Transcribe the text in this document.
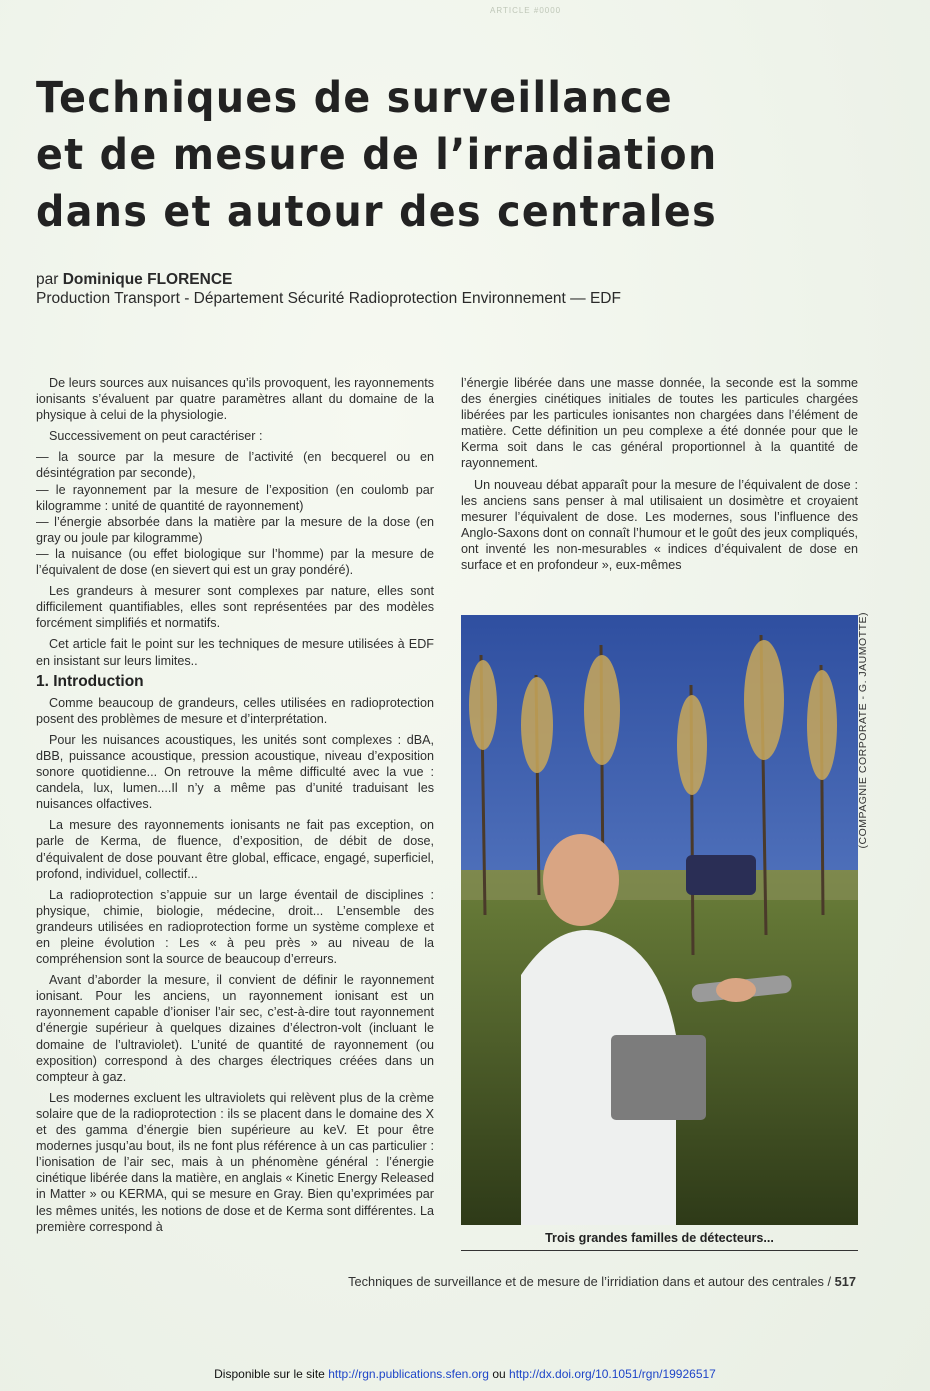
ARTICLE #0000
Techniques de surveillance
et de mesure de l’irradiation
dans et autour des centrales
par Dominique FLORENCE
Production Transport - Département Sécurité Radioprotection Environnement — EDF

De leurs sources aux nuisances qu’ils provoquent, les rayonnements ionisants s’évaluent par quatre paramètres allant du domaine de la physique à celui de la physiologie.

Successivement on peut caractériser :

— la source par la mesure de l’activité (en becquerel ou en désintégration par seconde),

— le rayonnement par la mesure de l’exposition (en coulomb par kilogramme : unité de quantité de rayonnement)

— l’énergie absorbée dans la matière par la mesure de la dose (en gray ou joule par kilogramme)

— la nuisance (ou effet biologique sur l’homme) par la mesure de l’équivalent de dose (en sievert qui est un gray pondéré).

Les grandeurs à mesurer sont complexes par nature, elles sont difficilement quantifiables, elles sont représentées par des modèles forcément simplifiés et normatifs.

Cet article fait le point sur les techniques de mesure utilisées à EDF en insistant sur leurs limites..

1. Introduction

Comme beaucoup de grandeurs, celles utilisées en radioprotection posent des problèmes de mesure et d’interprétation.

Pour les nuisances acoustiques, les unités sont complexes : dBA, dBB, puissance acoustique, pression acoustique, niveau d’exposition sonore quotidienne... On retrouve la même difficulté avec la vue : candela, lux, lumen....Il n’y a même pas d’unité traduisant les nuisances olfactives.

La mesure des rayonnements ionisants ne fait pas exception, on parle de Kerma, de fluence, d’exposition, de débit de dose, d’équivalent de dose pouvant être global, efficace, engagé, superficiel, profond, individuel, collectif...

La radioprotection s’appuie sur un large éventail de disciplines : physique, chimie, biologie, médecine, droit... L’ensemble des grandeurs utilisées en radioprotection forme un système complexe et en pleine évolution : Les « à peu près » au niveau de la compréhension sont la source de beaucoup d’erreurs.

Avant d’aborder la mesure, il convient de définir le rayonnement ionisant. Pour les anciens, un rayonnement ionisant est un rayonnement capable d’ioniser l’air sec, c’est-à-dire tout rayonnement d’énergie supérieur à quelques dizaines d’électron-volt (incluant le domaine de l’ultraviolet). L’unité de quantité de rayonnement (ou exposition) correspond à des charges électriques créées dans un compteur à gaz.

Les modernes excluent les ultraviolets qui relèvent plus de la crème solaire que de la radioprotection : ils se placent dans le domaine des X et des gamma d’énergie bien supérieure au keV. Et pour être modernes jusqu’au bout, ils ne font plus référence à un cas particulier : l’ionisation de l’air sec, mais à un phénomène général : l’énergie cinétique libérée dans la matière, en anglais « Kinetic Energy Released in Matter » ou KERMA, qui se mesure en Gray. Bien qu’exprimées par les mêmes unités, les notions de dose et de Kerma sont différentes. La première correspond à

l’énergie libérée dans une masse donnée, la seconde est la somme des énergies cinétiques initiales de toutes les particules chargées libérées par les particules ionisantes non chargées dans l’élément de matière. Cette définition un peu complexe a été donnée pour que le Kerma soit dans le cas général proportionnel à la quantité de rayonnement.

Un nouveau débat apparaît pour la mesure de l’équivalent de dose : les anciens sans penser à mal utilisaient un dosimètre et croyaient mesurer l’équivalent de dose. Les modernes, sous l’influence des Anglo-Saxons dont on connaît l’humour et le goût des jeux compliqués, ont inventé les non-mesurables « indices d’équivalent de dose en surface et en profondeur », eux-mêmes

(COMPAGNIE CORPORATE - G. JAUMOTTE)
Trois grandes familles de détecteurs...
Techniques de surveillance et de mesure de l’irridiation dans et autour des centrales / 517
Disponible sur le site http://rgn.publications.sfen.org ou http://dx.doi.org/10.1051/rgn/19926517
